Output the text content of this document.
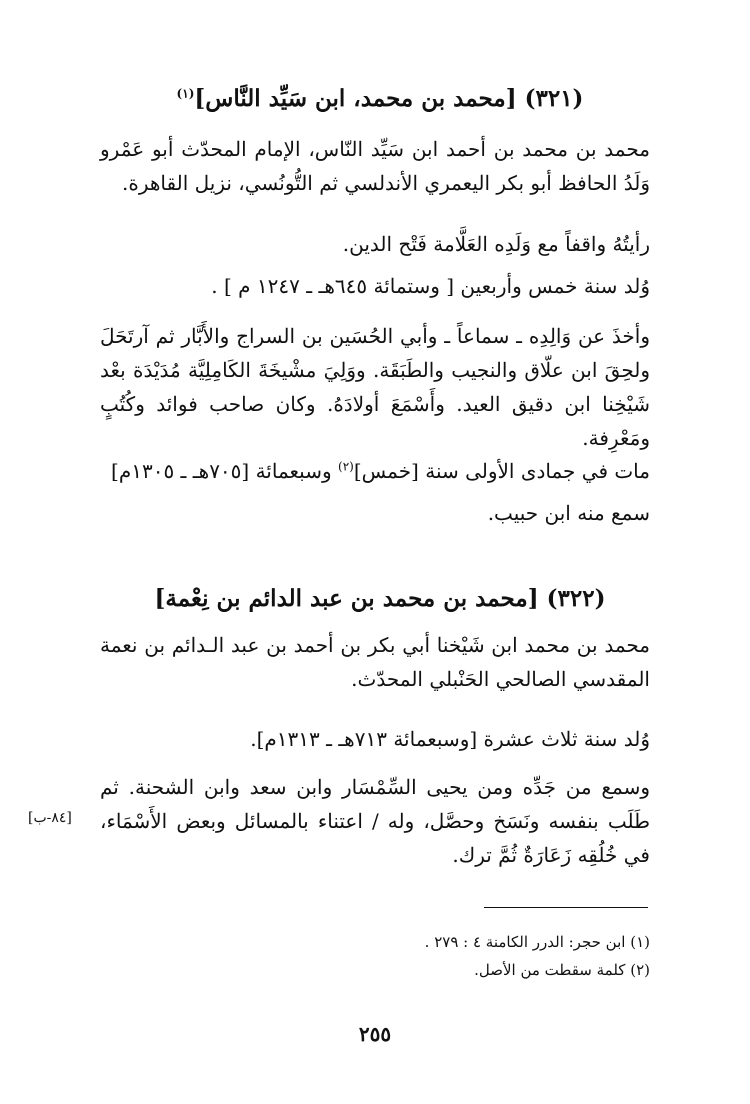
(٣٢١) [محمد بن محمد، ابن سَيِّد النَّاس]$^{(١)}$

محمد بن محمد بن أحمد ابن سَيِّد النّاس، الإمام المحدّث أبو عَمْرو وَلَدُ الحافظ أبو بكر اليعمري الأندلسي ثم التُّونُسي، نزيل القاهرة.

رأيتُهُ واقفاً مع وَلَدِه العَلَّامة فَتْح الدين.

وُلد سنة خمس وأربعين [ وستمائة ٦٤٥هـ ـ ١٢٤٧ م ] .

وأخذَ عن وَالِدِه ـ سماعاً ـ وأبي الحُسَين بن السراج والأَبَّار ثم آرتَحَلَ ولحِقَ ابن علّاق والنجيب والطَبَقَة. ووَلِيَ مشْيخَةَ الكَامِلِيَّة مُدَيْدَة بعْد شَيْخِنا ابن دقيق العيد. وأَسْمَعَ أولادَهُ. وكان صاحب فوائد وكُتُبٍ ومَعْرِفة.

مات في جمادى الأولى سنة [خمس]$^{(٢)}$ وسبعمائة [٧٠٥هـ ـ ١٣٠٥م]

سمع منه ابن حبيب.

(٣٢٢) [محمد بن محمد بن عبد الدائم بن نِعْمة]

محمد بن محمد ابن شَيْخنا أبي بكر بن أحمد بن عبد الـدائم بن نعمة المقدسي الصالحي الحَنْبلي المحدّث.

وُلد سنة ثلاث عشرة [وسبعمائة ٧١٣هـ ـ ١٣١٣م].

وسمع من جَدِّه ومن يحيى السِّمْسَار وابن سعد وابن الشحنة. ثم طَلَب بنفسه ونَسَخ وحصَّل، وله / اعتناء بالمسائل وبعض الأَسْمَاء، في خُلُقِه زَعَارَةٌ ثُمَّ ترك.

[٨٤-ب]

(١) ابن حجر: الدرر الكامنة ٤ : ٢٧٩ .

(٢) كلمة سقطت من الأصل.

٢٥٥
